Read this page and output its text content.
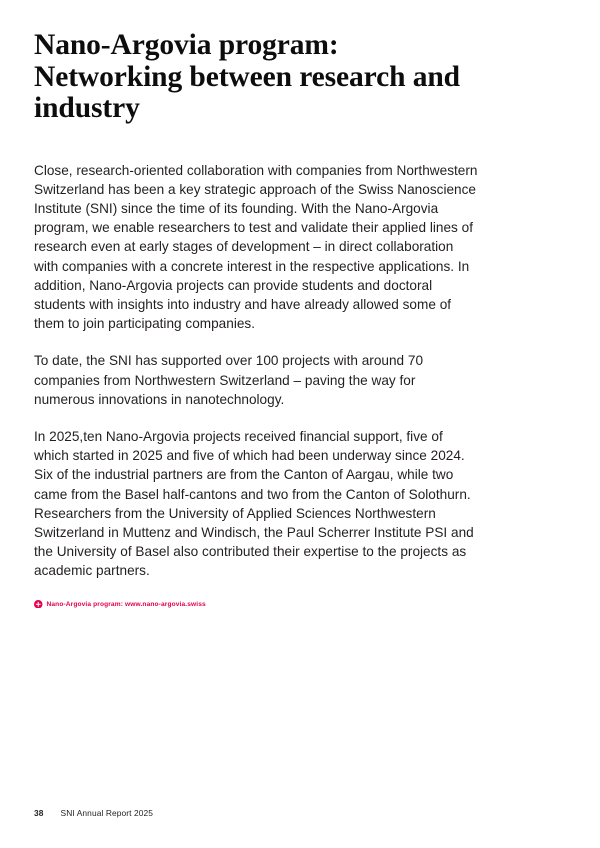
Nano-Argovia program: Networking between research and industry

Close, research-oriented collaboration with companies from Northwestern Switzerland has been a key strategic approach of the Swiss Nanoscience Institute (SNI) since the time of its founding. With the Nano-Argovia program, we enable researchers to test and validate their applied lines of research even at early stages of development – in direct collaboration with companies with a concrete interest in the respective applications. In addition, Nano-Argovia projects can provide students and doctoral students with insights into industry and have already allowed some of them to join participating companies.

To date, the SNI has supported over 100 projects with around 70 companies from Northwestern Switzerland – paving the way for numerous innovations in nanotechnology.

In 2025,ten Nano-Argovia projects received financial support, five of which started in 2025 and five of which had been underway since 2024. Six of the industrial partners are from the Canton of Aargau, while two came from the Basel half-cantons and two from the Canton of Solothurn. Researchers from the University of Applied Sciences Northwestern Switzerland in Muttenz and Windisch, the Paul Scherrer Institute PSI and the University of Basel also contributed their expertise to the projects as academic partners.

Nano-Argovia program: www.nano-argovia.swiss
38 SNI Annual Report 2025
